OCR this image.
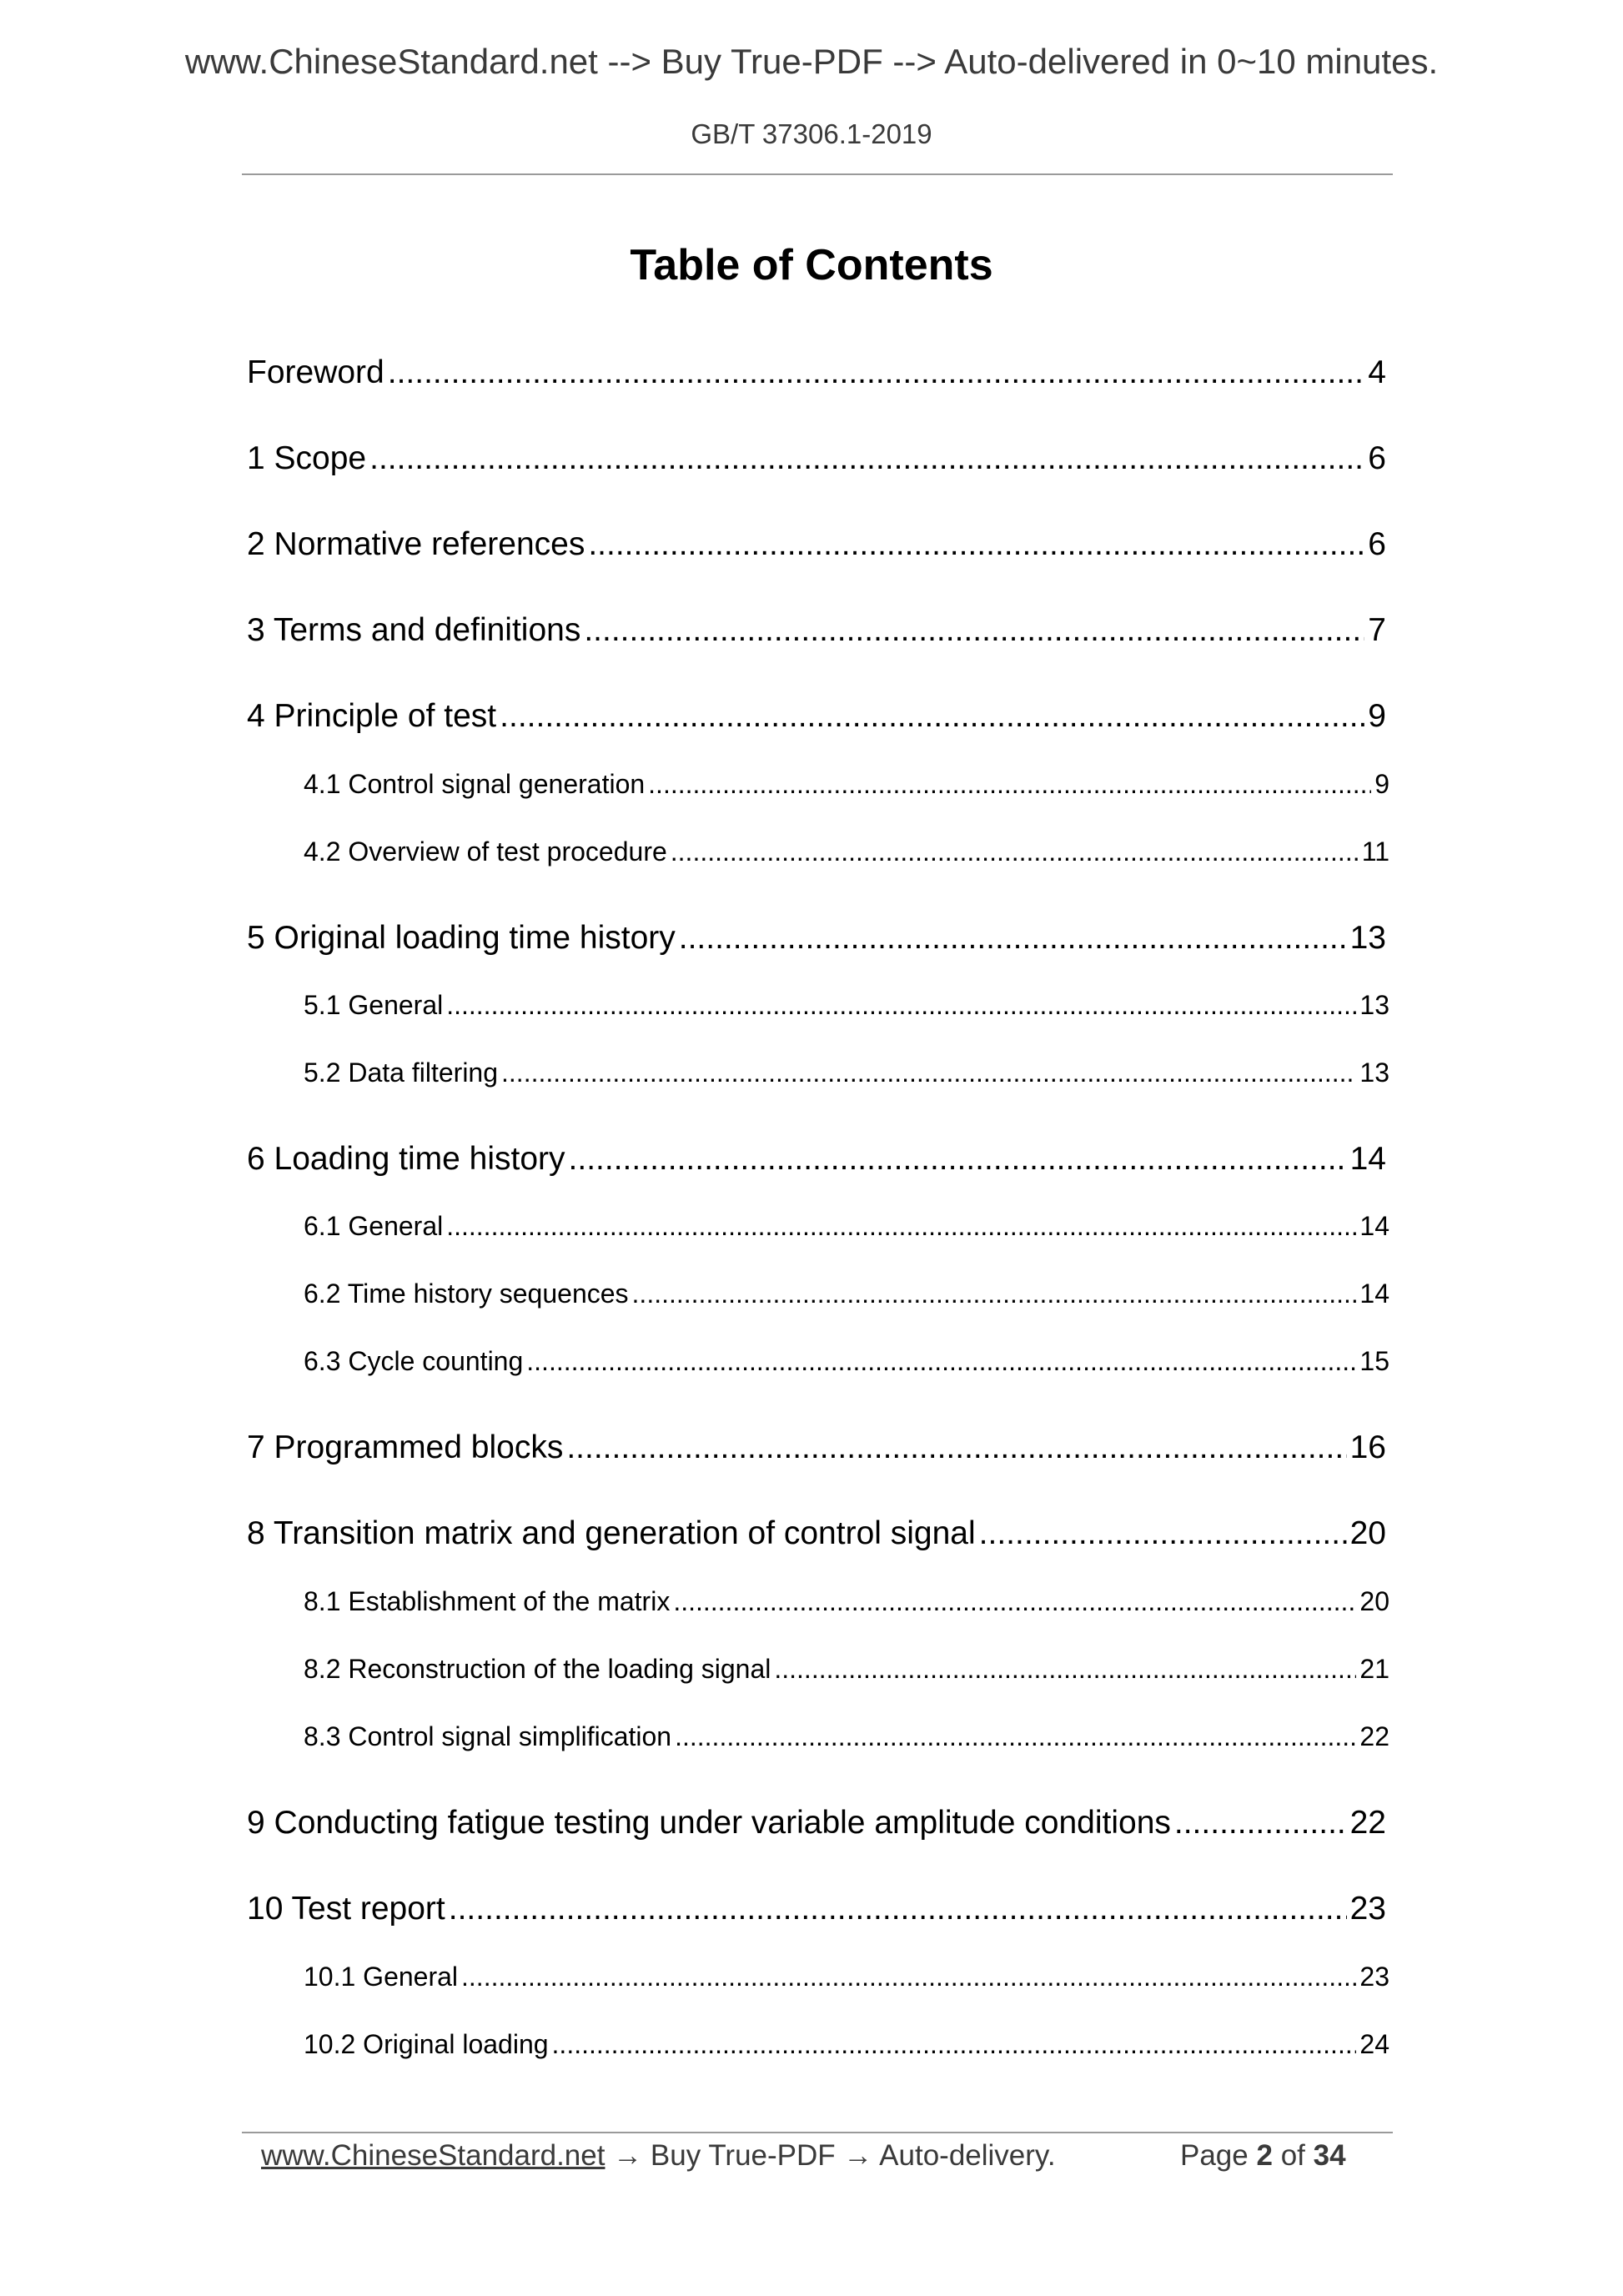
www.ChineseStandard.net --> Buy True-PDF --> Auto-delivered in 0~10 minutes.
GB/T 37306.1-2019
Table of Contents
Foreword .....	4
1 Scope .....	6
2 Normative references .....	6
3 Terms and definitions .....	7
4 Principle of test .....	9
4.1 Control signal generation .....	9
4.2 Overview of test procedure .....	11
5 Original loading time history .....	13
5.1 General .....	13
5.2 Data filtering .....	13
6 Loading time history .....	14
6.1 General .....	14
6.2 Time history sequences .....	14
6.3 Cycle counting .....	15
7 Programmed blocks .....	16
8 Transition matrix and generation of control signal .....	20
8.1 Establishment of the matrix .....	20
8.2 Reconstruction of the loading signal .....	21
8.3 Control signal simplification .....	22
9 Conducting fatigue testing under variable amplitude conditions .....	22
10 Test report .....	23
10.1 General .....	23
10.2 Original loading .....	24
www.ChineseStandard.net → Buy True-PDF → Auto-delivery.	Page 2 of 34
